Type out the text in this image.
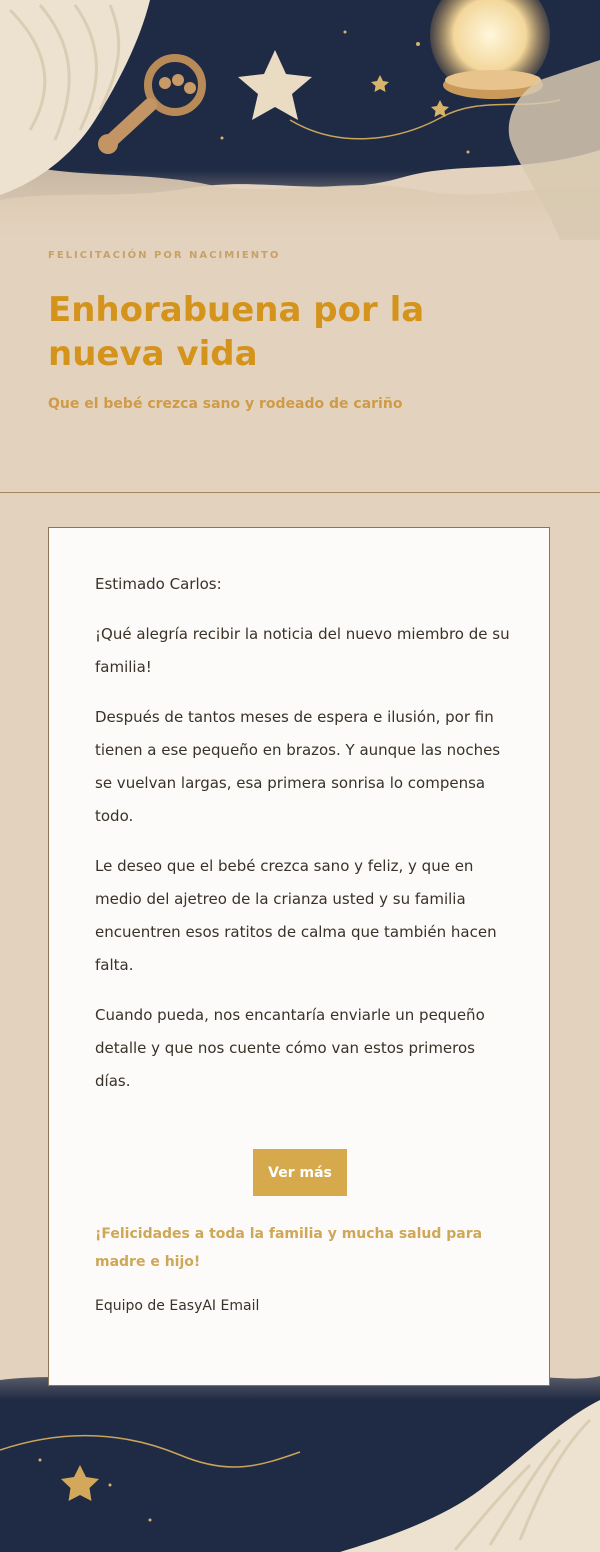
FELICITACIÓN POR NACIMIENTO
Enhorabuena por la nueva vida
Que el bebé crezca sano y rodeado de cariño

Estimado Carlos:

¡Qué alegría recibir la noticia del nuevo miembro de su familia!

Después de tantos meses de espera e ilusión, por fin tienen a ese pequeño en brazos. Y aunque las noches se vuelvan largas, esa primera sonrisa lo compensa todo.

Le deseo que el bebé crezca sano y feliz, y que en medio del ajetreo de la crianza usted y su familia encuentren esos ratitos de calma que también hacen falta.

Cuando pueda, nos encantaría enviarle un pequeño detalle y que nos cuente cómo van estos primeros días.

Ver más
¡Felicidades a toda la familia y mucha salud para madre e hijo!
Equipo de EasyAI Email
